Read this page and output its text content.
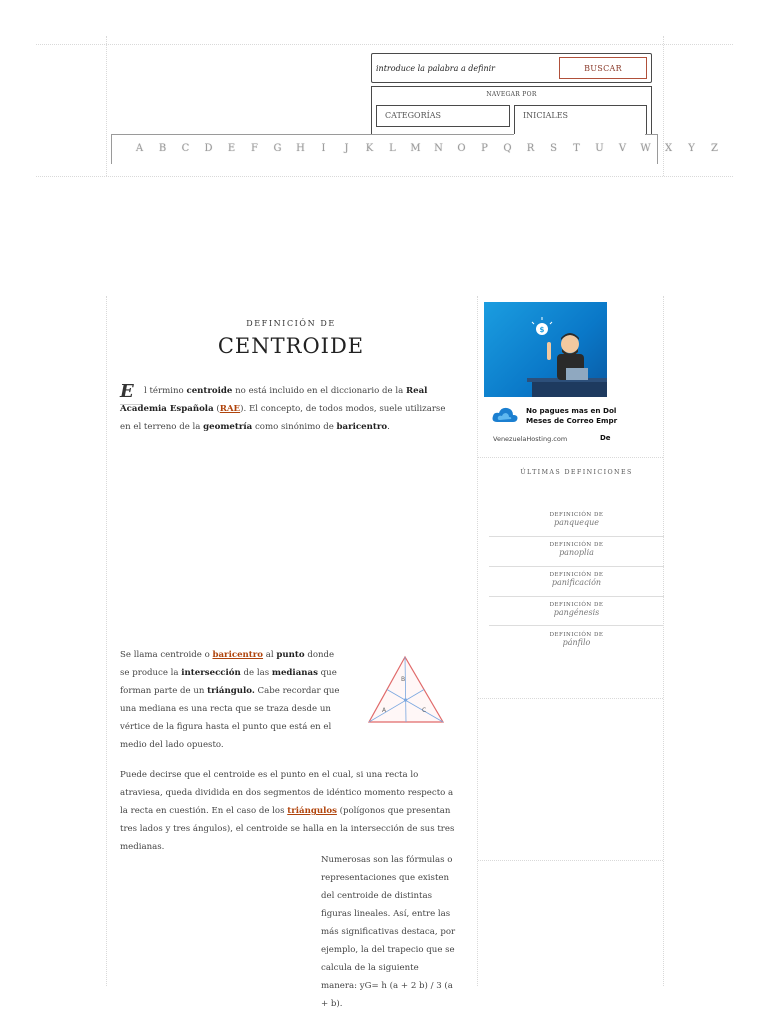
introduce la palabra a definir
BUSCAR
NAVEGAR POR
CATEGORÍAS	INICIALES
A	B	C	D	E	F	G	H	I	J	K	L	M	N	O	P	Q	R	S	T	U	V	W	X	Y	Z
DEFINICIÓN DE
CENTROIDE
E	l término centroide no está incluido en el diccionario de la Real Academia Española (RAE). El concepto, de todos modos, suele utilizarse en el terreno de la geometría como sinónimo de baricentro.
Se llama centroide o baricentro al punto donde se produce la intersección de las medianas que forman parte de un triángulo. Cabe recordar que una mediana es una recta que se traza desde un vértice de la figura hasta el punto que está en el medio del lado opuesto.
B
A	C
Puede decirse que el centroide es el punto en el cual, si una recta lo atraviesa, queda dividida en dos segmentos de idéntico momento respecto a la recta en cuestión. En el caso de los triángulos (polígonos que presentan tres lados y tres ángulos), el centroide se halla en la intersección de sus tres medianas.
Numerosas son las fórmulas o representaciones que existen del centroide de distintas figuras lineales. Así, entre las más significativas destaca, por ejemplo, la del trapecio que se calcula de la siguiente manera: yG= h (a + 2 b) / 3 (a + b).
$
No pagues mas en Dol
Meses de Correo Empr
VenezuelaHosting.com	De
ÚLTIMAS DEFINICIONES
DEFINICIÓN DE
panqueque
DEFINICIÓN DE
panoplia
DEFINICIÓN DE
panificación
DEFINICIÓN DE
pangénesis
DEFINICIÓN DE
pánfilo
